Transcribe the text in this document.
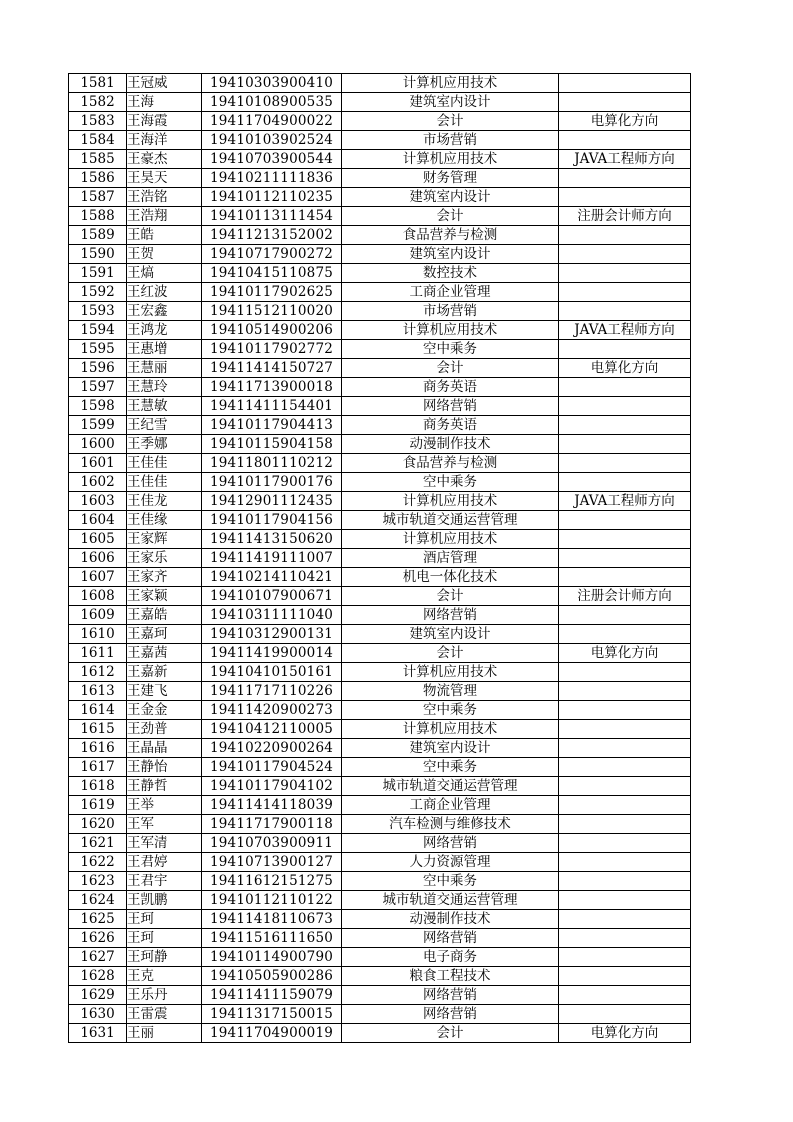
1581	王冠威	19410303900410	计算机应用技术	
1582	王海	19410108900535	建筑室内设计	
1583	王海霞	19411704900022	会计	电算化方向
1584	王海洋	19410103902524	市场营销	
1585	王豪杰	19410703900544	计算机应用技术	JAVA工程师方向
1586	王昊天	19410211111836	财务管理	
1587	王浩铭	19410112110235	建筑室内设计	
1588	王浩翔	19410113111454	会计	注册会计师方向
1589	王皓	19411213152002	食品营养与检测	
1590	王贺	19410717900272	建筑室内设计	
1591	王熇	19410415110875	数控技术	
1592	王红波	19410117902625	工商企业管理	
1593	王宏鑫	19411512110020	市场营销	
1594	王鸿龙	19410514900206	计算机应用技术	JAVA工程师方向
1595	王惠增	19410117902772	空中乘务	
1596	王慧丽	19411414150727	会计	电算化方向
1597	王慧玲	19411713900018	商务英语	
1598	王慧敏	19411411154401	网络营销	
1599	王纪雪	19410117904413	商务英语	
1600	王季娜	19410115904158	动漫制作技术	
1601	王佳佳	19411801110212	食品营养与检测	
1602	王佳佳	19410117900176	空中乘务	
1603	王佳龙	19412901112435	计算机应用技术	JAVA工程师方向
1604	王佳缘	19410117904156	城市轨道交通运营管理	
1605	王家辉	19411413150620	计算机应用技术	
1606	王家乐	19411419111007	酒店管理	
1607	王家齐	19410214110421	机电一体化技术	
1608	王家颖	19410107900671	会计	注册会计师方向
1609	王嘉皓	19410311111040	网络营销	
1610	王嘉珂	19410312900131	建筑室内设计	
1611	王嘉茜	19411419900014	会计	电算化方向
1612	王嘉新	19410410150161	计算机应用技术	
1613	王建飞	19411717110226	物流管理	
1614	王金金	19411420900273	空中乘务	
1615	王劲普	19410412110005	计算机应用技术	
1616	王晶晶	19410220900264	建筑室内设计	
1617	王静怡	19410117904524	空中乘务	
1618	王静哲	19410117904102	城市轨道交通运营管理	
1619	王举	19411414118039	工商企业管理	
1620	王军	19411717900118	汽车检测与维修技术	
1621	王军清	19410703900911	网络营销	
1622	王君婷	19410713900127	人力资源管理	
1623	王君宇	19411612151275	空中乘务	
1624	王凯鹏	19410112110122	城市轨道交通运营管理	
1625	王珂	19411418110673	动漫制作技术	
1626	王珂	19411516111650	网络营销	
1627	王珂静	19410114900790	电子商务	
1628	王克	19410505900286	粮食工程技术	
1629	王乐丹	19411411159079	网络营销	
1630	王雷震	19411317150015	网络营销	
1631	王丽	19411704900019	会计	电算化方向
